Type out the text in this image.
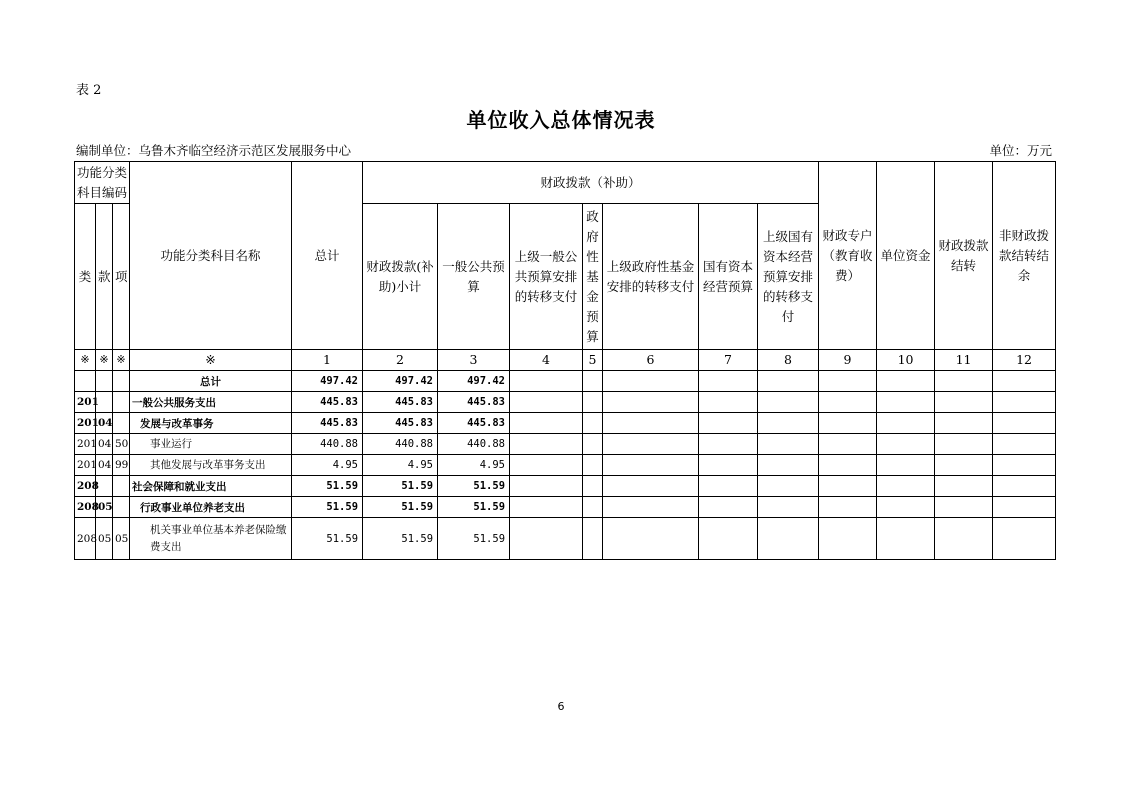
表 2
单位收入总体情况表
编制单位：乌鲁木齐临空经济示范区发展服务中心	单位：万元
功能分类科目编码			功能分类科目名称	总计	财政拨款（补助）							财政专户（教育收费）	单位资金	财政拨款结转	非财政拨款结转结余
类	款	项			财政拨款(补助)小计	一般公共预算	上级一般公共预算安排的转移支付	政府性基金预算	上级政府性基金安排的转移支付	国有资本经营预算	上级国有资本经营预算安排的转移支付				
※	※	※	※	1	2	3	4	5	6	7	8	9	10	11	12
			总计	497.42	497.42	497.42									
201			一般公共服务支出	445.83	445.83	445.83									
201	04		发展与改革事务	445.83	445.83	445.83									
201	04	50	事业运行	440.88	440.88	440.88									
201	04	99	其他发展与改革事务支出	4.95	4.95	4.95									
208			社会保障和就业支出	51.59	51.59	51.59									
208	05		行政事业单位养老支出	51.59	51.59	51.59									
208	05	05	机关事业单位基本养老保险缴费支出	51.59	51.59	51.59									
6
